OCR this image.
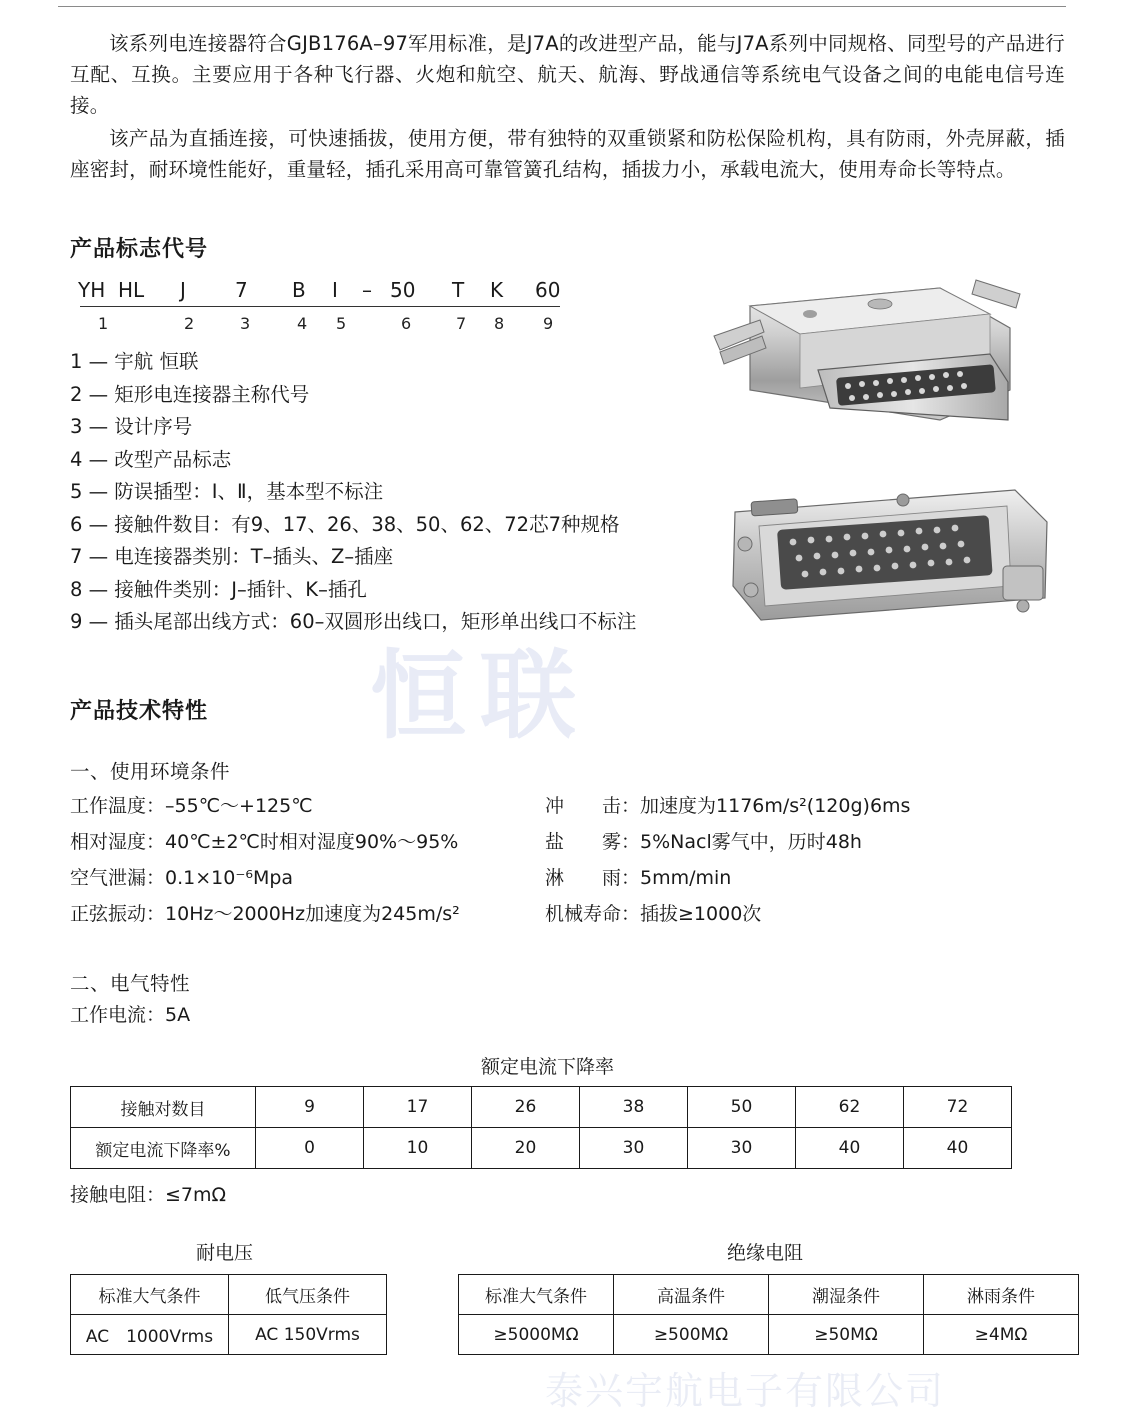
恒联
泰兴宇航电子有限公司

该系列电连接器符合GJB176A–97军用标准，是J7A的改进型产品，能与J7A系列中同规格、同型号的产品进行互配、互换。主要应用于各种飞行器、火炮和航空、航天、航海、野战通信等系统电气设备之间的电能电信号连接。

该产品为直插连接，可快速插拔，使用方便，带有独特的双重锁紧和防松保险机构，具有防雨，外壳屏蔽，插座密封，耐环境性能好，重量轻，插孔采用高可靠管簧孔结构，插拔力小，承载电流大，使用寿命长等特点。

产品标志代号
YH HL J 7 B Ⅰ – 50 T K 60
1	2	3	4 5	6	7 8 9
1 — 宇航 恒联
2 — 矩形电连接器主称代号
3 — 设计序号
4 — 改型产品标志
5 — 防误插型：Ⅰ、Ⅱ，基本型不标注
6 — 接触件数目：有9、17、26、38、50、62、72芯7种规格
7 — 电连接器类别：T–插头、Z–插座
8 — 接触件类别：J–插针、K–插孔
9 — 插头尾部出线方式：60–双圆形出线口，矩形单出线口不标注
产品技术特性
一、使用环境条件
工作温度：–55℃～+125℃
相对湿度：40℃±2℃时相对湿度90%～95%
空气泄漏：0.1×10⁻⁶Mpa
正弦振动：10Hz～2000Hz加速度为245m/s²
冲　　击：加速度为1176m/s²(120g)6ms
盐　　雾：5%Nacl雾气中，历时48h
淋　　雨：5mm/min
机械寿命：插拔≥1000次
二、电气特性
工作电流：5A
额定电流下降率
接触对数目	9	17	26	38	50	62	72
额定电流下降率%	0	10	20	30	30	40	40
接触电阻：≤7mΩ
耐电压	绝缘电阻
标准大气条件	低气压条件
AC　1000Vrms	AC 150Vrms
标准大气条件	高温条件	潮湿条件	淋雨条件
≥5000MΩ	≥500MΩ	≥50MΩ	≥4MΩ
